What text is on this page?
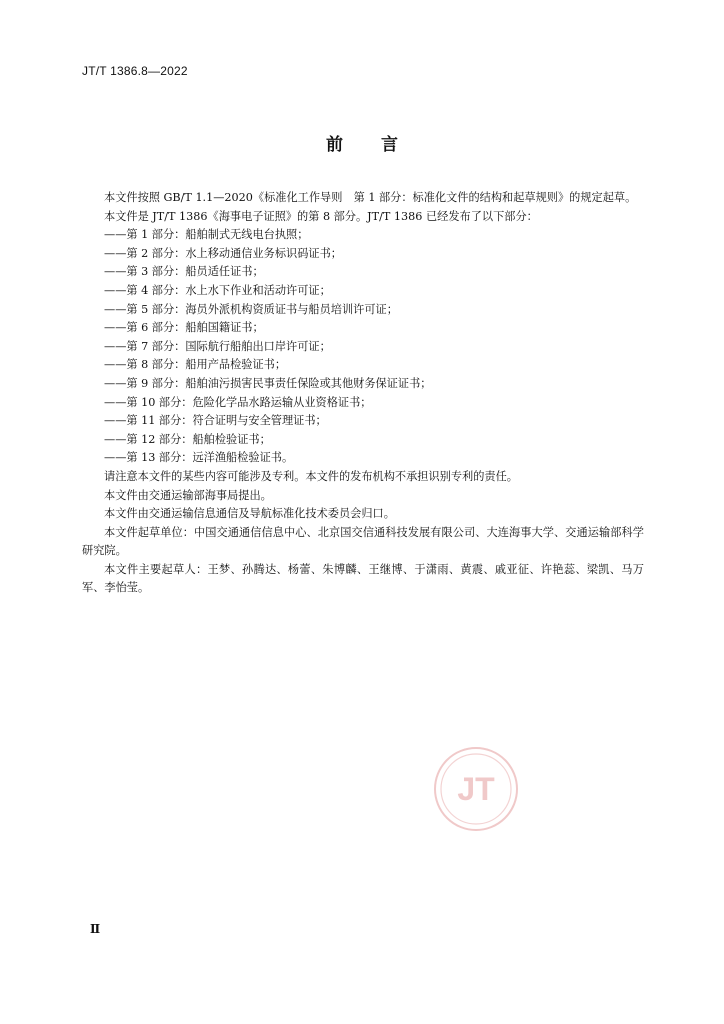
JT/T 1386.8—2022
前言

本文件按照 GB/T 1.1—2020《标准化工作导则　第 1 部分：标准化文件的结构和起草规则》的规定起草。

本文件是 JT/T 1386《海事电子证照》的第 8 部分。JT/T 1386 已经发布了以下部分：

——第 1 部分：船舶制式无线电台执照；
——第 2 部分：水上移动通信业务标识码证书；
——第 3 部分：船员适任证书；
——第 4 部分：水上水下作业和活动许可证；
——第 5 部分：海员外派机构资质证书与船员培训许可证；
——第 6 部分：船舶国籍证书；
——第 7 部分：国际航行船舶出口岸许可证；
——第 8 部分：船用产品检验证书；
——第 9 部分：船舶油污损害民事责任保险或其他财务保证证书；
——第 10 部分：危险化学品水路运输从业资格证书；
——第 11 部分：符合证明与安全管理证书；
——第 12 部分：船舶检验证书；
——第 13 部分：远洋渔船检验证书。

请注意本文件的某些内容可能涉及专利。本文件的发布机构不承担识别专利的责任。

本文件由交通运输部海事局提出。

本文件由交通运输信息通信及导航标准化技术委员会归口。

本文件起草单位：中国交通通信信息中心、北京国交信通科技发展有限公司、大连海事大学、交通运输部科学研究院。

本文件主要起草人：王梦、孙腾达、杨蕾、朱博麟、王继博、于潇雨、黄震、戚亚征、许艳蕊、梁凯、马万军、李怡莹。

JT
Ⅱ
